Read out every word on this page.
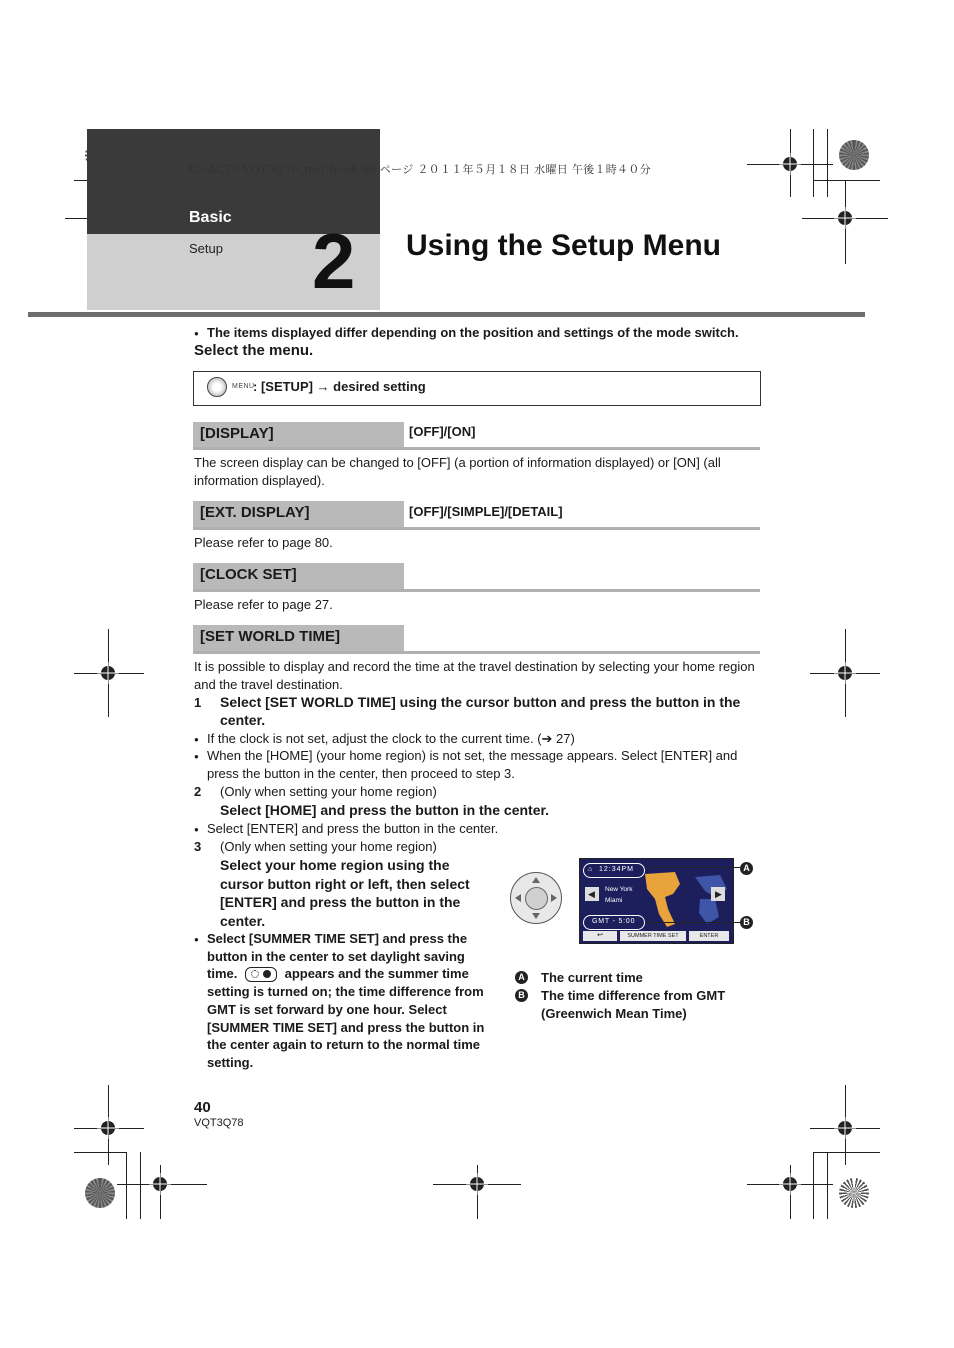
AG-AC7P-VQT3Q78_mst.book 40 ページ ２０１１年５月１８日 水曜日 午後１時４０分
Basic
Setup 2 Using the Setup Menu
● The items displayed differ depending on the position and settings of the mode switch.
Select the menu.
MENU
: [SETUP] → desired setting
[DISPLAY]	[OFF]/[ON]
The screen display can be changed to [OFF] (a portion of information displayed) or [ON] (all information displayed).
[EXT. DISPLAY]	[OFF]/[SIMPLE]/[DETAIL]
Please refer to page 80.
[CLOCK SET]
Please refer to page 27.
[SET WORLD TIME]
It is possible to display and record the time at the travel destination by selecting your home region and the travel destination.
1 Select [SET WORLD TIME] using the cursor button and press the button in the center.
● If the clock is not set, adjust the clock to the current time. (➔ 27)
● When the [HOME] (your home region) is not set, the message appears. Select [ENTER] and press the button in the center, then proceed to step 3.
2 (Only when setting your home region)
Select [HOME] and press the button in the center.
● Select [ENTER] and press the button in the center.
3 (Only when setting your home region)
Select your home region using the cursor button right or left, then select [ENTER] and press the button in the center.
● Select [SUMMER TIME SET] and press the button in the center to set daylight saving time.	appears and the summer time setting is turned on; the time difference from GMT is set forward by one hour. Select [SUMMER TIME SET] and press the button in the center again to return to the normal time setting.
⌂ 12:34PM
◀	▶
New York
Miami
GMT - 5:00
↩	SUMMER TIME SET	ENTER
A
B
A The current time
B The time difference from GMT (Greenwich Mean Time)
40
VQT3Q78
